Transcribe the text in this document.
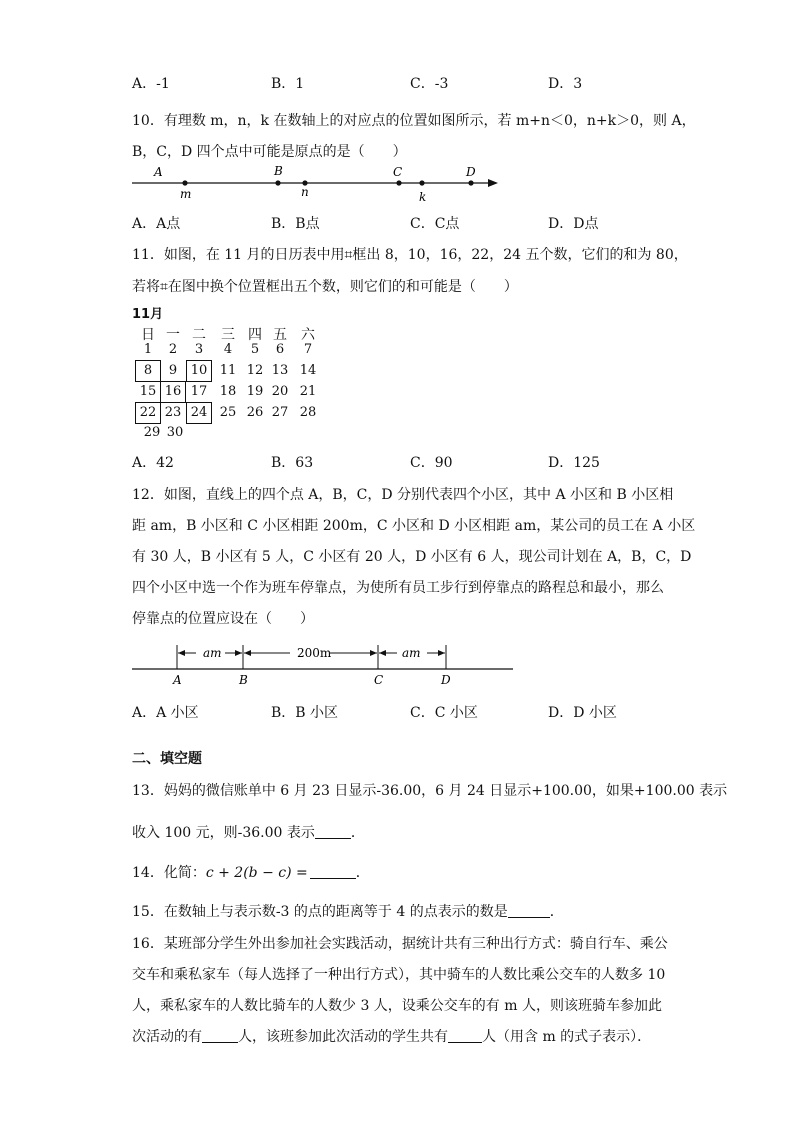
A．-1	B．1	C．-3	D．3
10．有理数 m，n，k 在数轴上的对应点的位置如图所示，若 m+n＜0，n+k＞0，则 A，
B，C，D 四个点中可能是原点的是（　　）
A	B	C	D
m	n	k
A．A点	B．B点	C．C点	D．D点
11．如图，在 11 月的日历表中用⌗框出 8，10，16，22，24 五个数，它们的和为 80，
若将⌗在图中换个位置框出五个数，则它们的和可能是（　　）
11月
日 一 二	三 四 五	六
1	2	3	4	5	6	7
8	9	10 11 12 13 14
15 16 17 18 19 20 21
22 23 24 25 26 27 28
29 30
A．42	B．63	C．90	D．125
12．如图，直线上的四个点 A，B，C，D 分别代表四个小区，其中 A 小区和 B 小区相
距 am，B 小区和 C 小区相距 200m，C 小区和 D 小区相距 am，某公司的员工在 A 小区
有 30 人，B 小区有 5 人，C 小区有 20 人，D 小区有 6 人，现公司计划在 A，B，C，D
四个小区中选一个作为班车停靠点，为使所有员工步行到停靠点的路程总和最小，那么
停靠点的位置应设在（　　）
am	200m	am
A	B	C	D
A．A 小区	B．B 小区	C．C 小区	D．D 小区
二、填空题
13．妈妈的微信账单中 6 月 23 日显示-36.00，6 月 24 日显示+100.00，如果+100.00 表示
收入 100 元，则-36.00 表示	．
14．化简：c + 2(b − c) =	．
15．在数轴上与表示数-3 的点的距离等于 4 的点表示的数是	．
16．某班部分学生外出参加社会实践活动，据统计共有三种出行方式：骑自行车、乘公
交车和乘私家车（每人选择了一种出行方式），其中骑车的人数比乘公交车的人数多 10
人，乘私家车的人数比骑车的人数少 3 人，设乘公交车的有 m 人，则该班骑车参加此
次活动的有	人，该班参加此次活动的学生共有 人（用含 m 的式子表示）．
